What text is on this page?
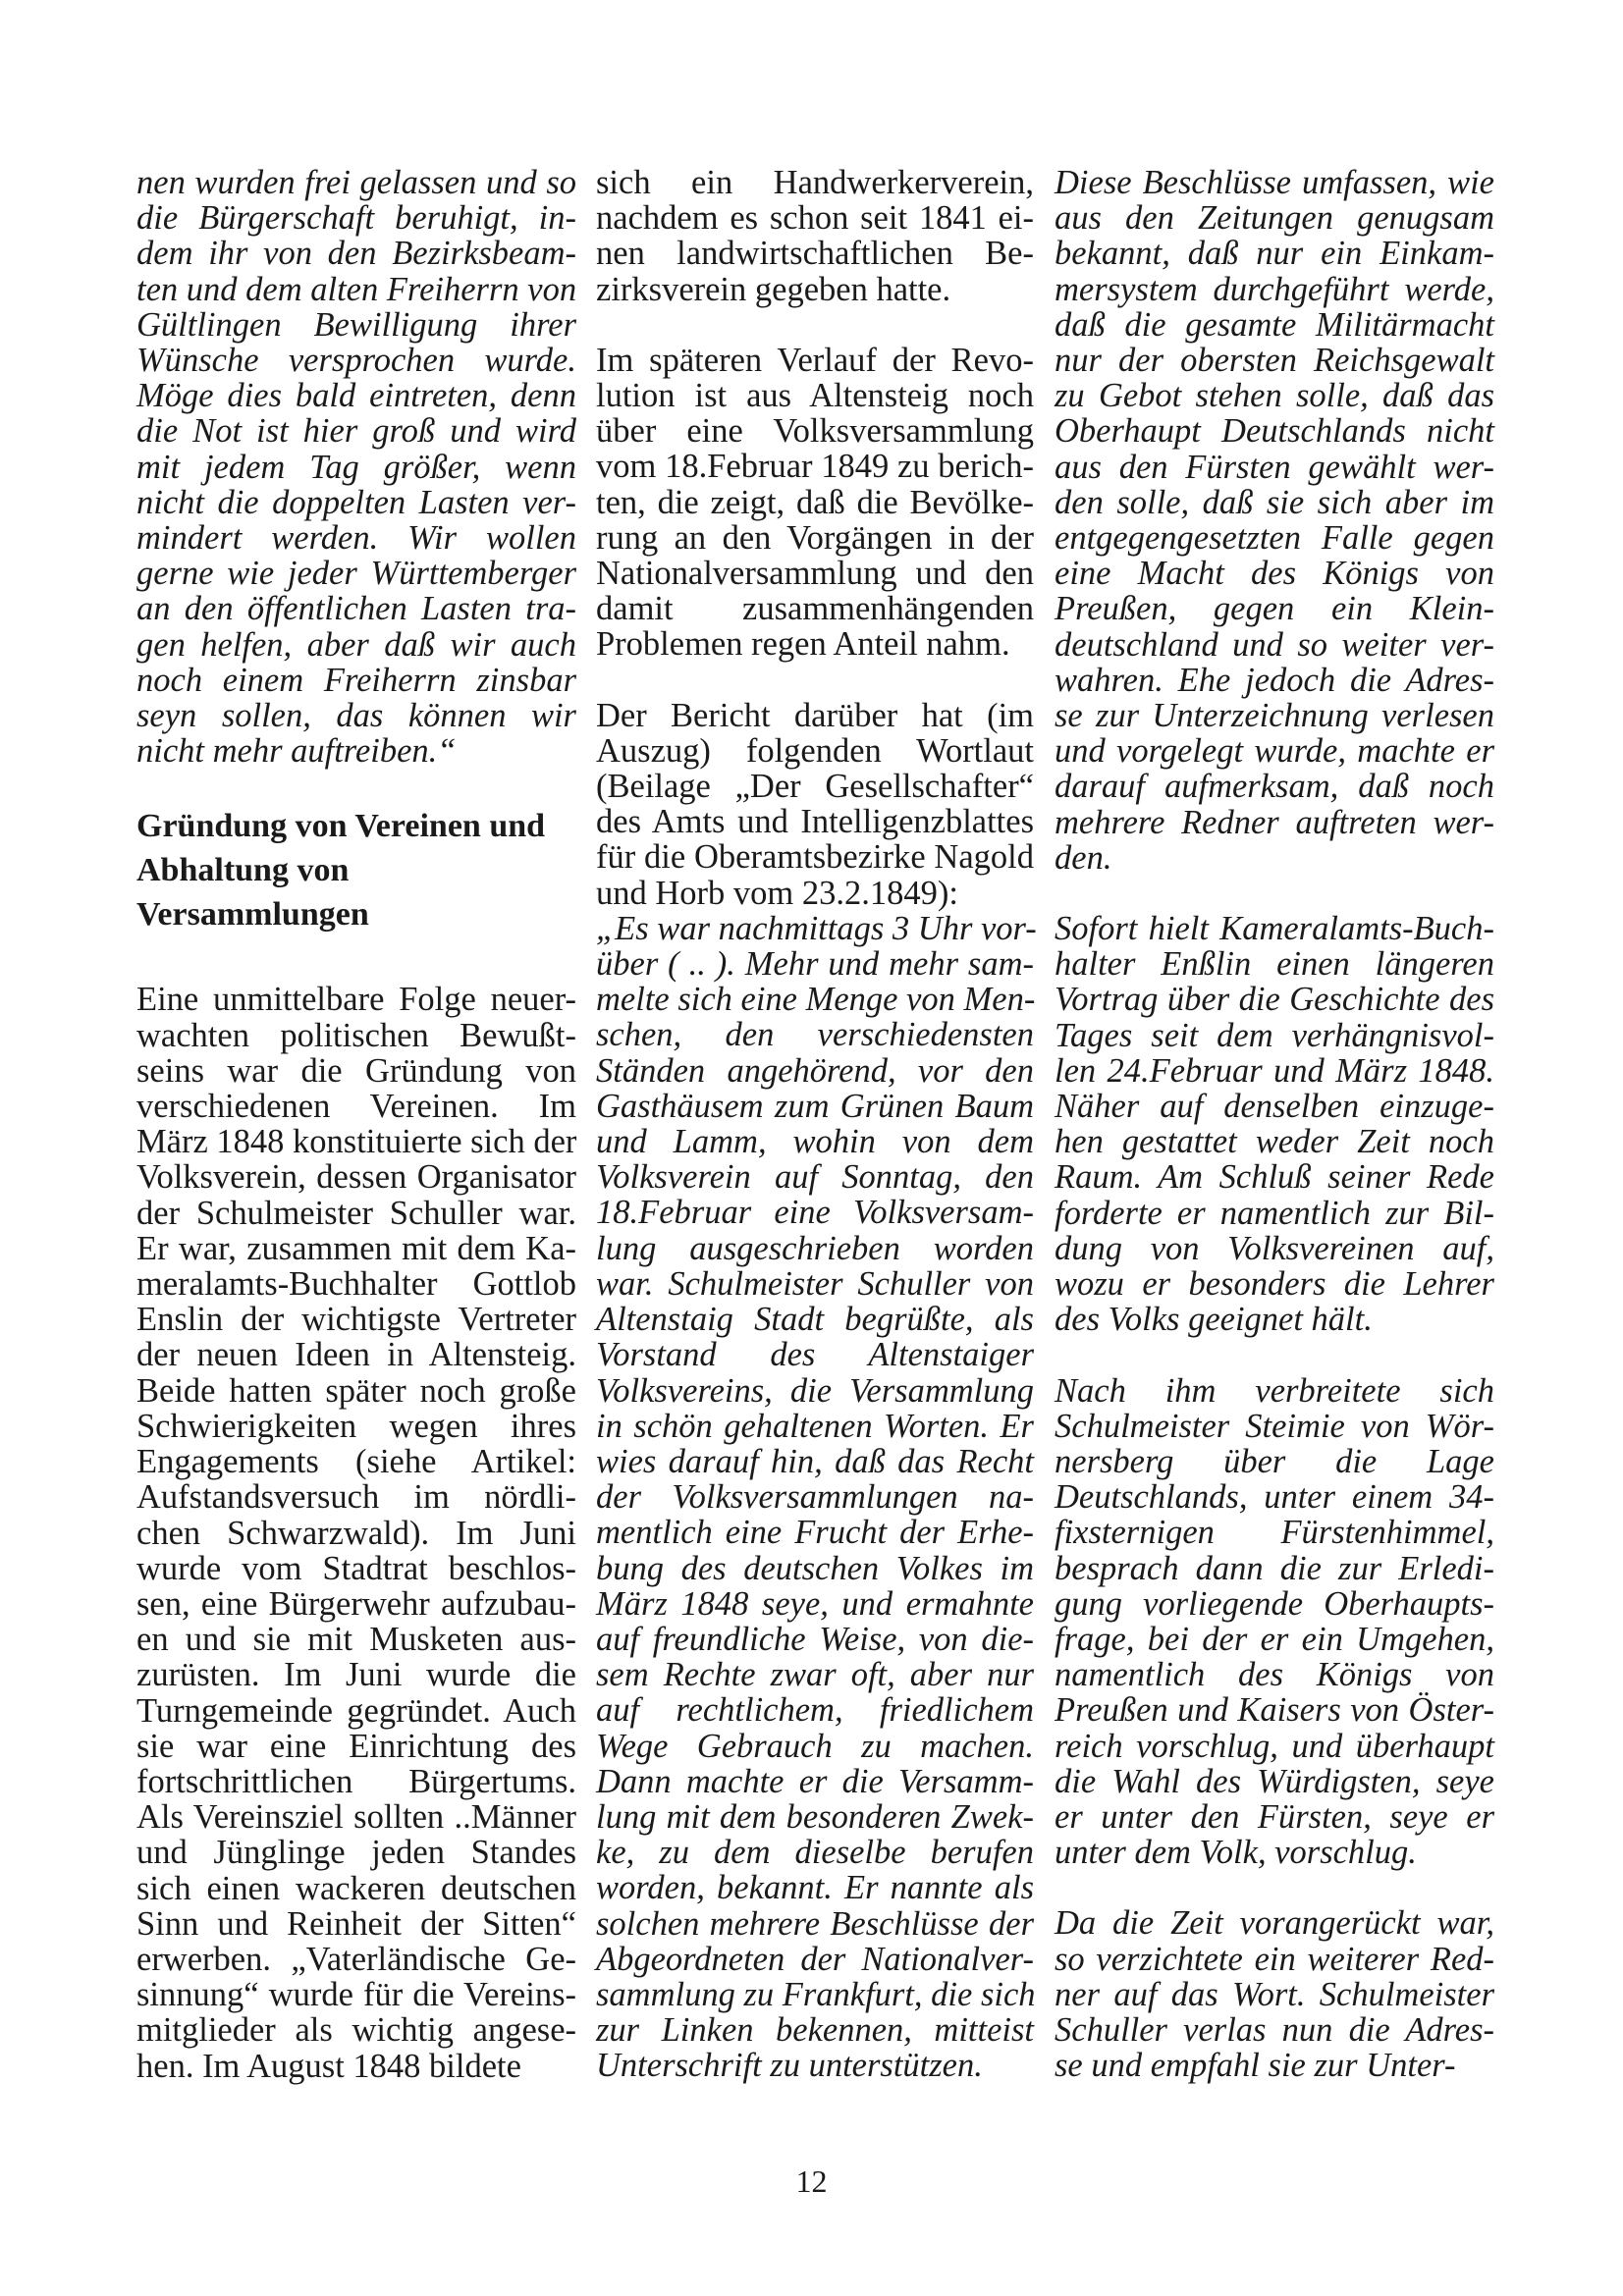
nen wurden frei gelassen und so
die Bürgerschaft beruhigt, in-
dem ihr von den Bezirksbeam-
ten und dem alten Freiherrn von
Gültlingen Bewilligung ihrer
Wünsche versprochen wurde.
Möge dies bald eintreten, denn
die Not ist hier groß und wird
mit jedem Tag größer, wenn
nicht die doppelten Lasten ver-
mindert werden. Wir wollen
gerne wie jeder Württemberger
an den öffentlichen Lasten tra-
gen helfen, aber daß wir auch
noch einem Freiherrn zinsbar
seyn sollen, das können wir
nicht mehr auftreiben.“

Gründung von Vereinen und
Abhaltung von
Versammlungen

Eine unmittelbare Folge neuer-
wachten politischen Bewußt-
seins war die Gründung von
verschiedenen Vereinen. Im
März 1848 konstituierte sich der
Volksverein, dessen Organisator
der Schulmeister Schuller war.
Er war, zusammen mit dem Ka-
meralamts-Buchhalter Gottlob
Enslin der wichtigste Vertreter
der neuen Ideen in Altensteig.
Beide hatten später noch große
Schwierigkeiten wegen ihres
Engagements (siehe Artikel:
Aufstandsversuch im nördli-
chen Schwarzwald). Im Juni
wurde vom Stadtrat beschlos-
sen, eine Bürgerwehr aufzubau-
en und sie mit Musketen aus-
zurüsten. Im Juni wurde die
Turngemeinde gegründet. Auch
sie war eine Einrichtung des
fortschrittlichen Bürgertums.
Als Vereinsziel sollten ..Männer
und Jünglinge jeden Standes
sich einen wackeren deutschen
Sinn und Reinheit der Sitten“
erwerben. „Vaterländische Ge-
sinnung“ wurde für die Vereins-
mitglieder als wichtig angese-
hen. Im August 1848 bildete

sich ein Handwerkerverein,
nachdem es schon seit 1841 ei-
nen landwirtschaftlichen Be-
zirksverein gegeben hatte.

Im späteren Verlauf der Revo-
lution ist aus Altensteig noch
über eine Volksversammlung
vom 18.Februar 1849 zu berich-
ten, die zeigt, daß die Bevölke-
rung an den Vorgängen in der
Nationalversammlung und den
damit zusammenhängenden
Problemen regen Anteil nahm.

Der Bericht darüber hat (im
Auszug) folgenden Wortlaut
(Beilage „Der Gesellschafter“
des Amts und Intelligenzblattes
für die Oberamtsbezirke Nagold
und Horb vom 23.2.1849):

„Es war nachmittags 3 Uhr vor-
über ( .. ). Mehr und mehr sam-
melte sich eine Menge von Men-
schen, den verschiedensten
Ständen angehörend, vor den
Gasthäusem zum Grünen Baum
und Lamm, wohin von dem
Volksverein auf Sonntag, den
18.Februar eine Volksversam-
lung ausgeschrieben worden
war. Schulmeister Schuller von
Altenstaig Stadt begrüßte, als
Vorstand des Altenstaiger
Volksvereins, die Versammlung
in schön gehaltenen Worten. Er
wies darauf hin, daß das Recht
der Volksversammlungen na-
mentlich eine Frucht der Erhe-
bung des deutschen Volkes im
März 1848 seye, und ermahnte
auf freundliche Weise, von die-
sem Rechte zwar oft, aber nur
auf rechtlichem, friedlichem
Wege Gebrauch zu machen.
Dann machte er die Versamm-
lung mit dem besonderen Zwek-
ke, zu dem dieselbe berufen
worden, bekannt. Er nannte als
solchen mehrere Beschlüsse der
Abgeordneten der Nationalver-
sammlung zu Frankfurt, die sich
zur Linken bekennen, mitteist
Unterschrift zu unterstützen.

Diese Beschlüsse umfassen, wie
aus den Zeitungen genugsam
bekannt, daß nur ein Einkam-
mersystem durchgeführt werde,
daß die gesamte Militärmacht
nur der obersten Reichsgewalt
zu Gebot stehen solle, daß das
Oberhaupt Deutschlands nicht
aus den Fürsten gewählt wer-
den solle, daß sie sich aber im
entgegengesetzten Falle gegen
eine Macht des Königs von
Preußen, gegen ein Klein-
deutschland und so weiter ver-
wahren. Ehe jedoch die Adres-
se zur Unterzeichnung verlesen
und vorgelegt wurde, machte er
darauf aufmerksam, daß noch
mehrere Redner auftreten wer-
den.

Sofort hielt Kameralamts-Buch-
halter Enßlin einen längeren
Vortrag über die Geschichte des
Tages seit dem verhängnisvol-
len 24.Februar und März 1848.
Näher auf denselben einzuge-
hen gestattet weder Zeit noch
Raum. Am Schluß seiner Rede
forderte er namentlich zur Bil-
dung von Volksvereinen auf,
wozu er besonders die Lehrer
des Volks geeignet hält.

Nach ihm verbreitete sich
Schulmeister Steimie von Wör-
nersberg über die Lage
Deutschlands, unter einem 34-
fixsternigen Fürstenhimmel,
besprach dann die zur Erledi-
gung vorliegende Oberhaupts-
frage, bei der er ein Umgehen,
namentlich des Königs von
Preußen und Kaisers von Öster-
reich vorschlug, und überhaupt
die Wahl des Würdigsten, seye
er unter den Fürsten, seye er
unter dem Volk, vorschlug.

Da die Zeit vorangerückt war,
so verzichtete ein weiterer Red-
ner auf das Wort. Schulmeister
Schuller verlas nun die Adres-
se und empfahl sie zur Unter-

12
